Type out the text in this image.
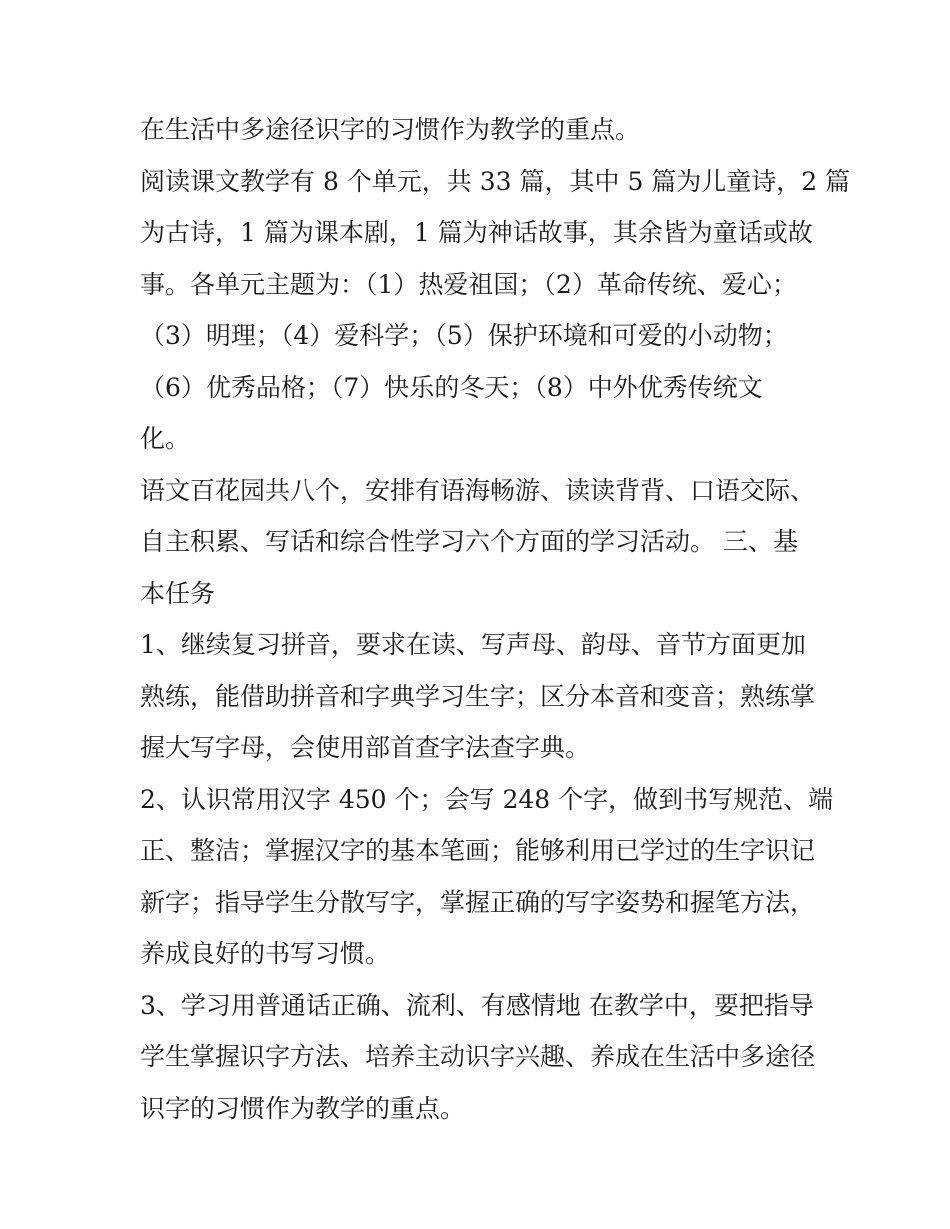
在生活中多途径识字的习惯作为教学的重点。
阅读课文教学有 8 个单元，共 33 篇，其中 5 篇为儿童诗，2 篇
为古诗，1 篇为课本剧，1 篇为神话故事，其余皆为童话或故
事。各单元主题为：（1）热爱祖国；（2）革命传统、爱心；
（3）明理；（4）爱科学；（5）保护环境和可爱的小动物；
（6）优秀品格；（7）快乐的冬天；（8）中外优秀传统文
化。
语文百花园共八个，安排有语海畅游、读读背背、口语交际、
自主积累、写话和综合性学习六个方面的学习活动。 三、基
本任务
1、继续复习拼音，要求在读、写声母、韵母、音节方面更加
熟练，能借助拼音和字典学习生字；区分本音和变音；熟练掌
握大写字母，会使用部首查字法查字典。
2、认识常用汉字 450 个；会写 248 个字，做到书写规范、端
正、整洁；掌握汉字的基本笔画；能够利用已学过的生字识记
新字；指导学生分散写字，掌握正确的写字姿势和握笔方法，
养成良好的书写习惯。
3、学习用普通话正确、流利、有感情地 在教学中，要把指导
学生掌握识字方法、培养主动识字兴趣、养成在生活中多途径
识字的习惯作为教学的重点。
